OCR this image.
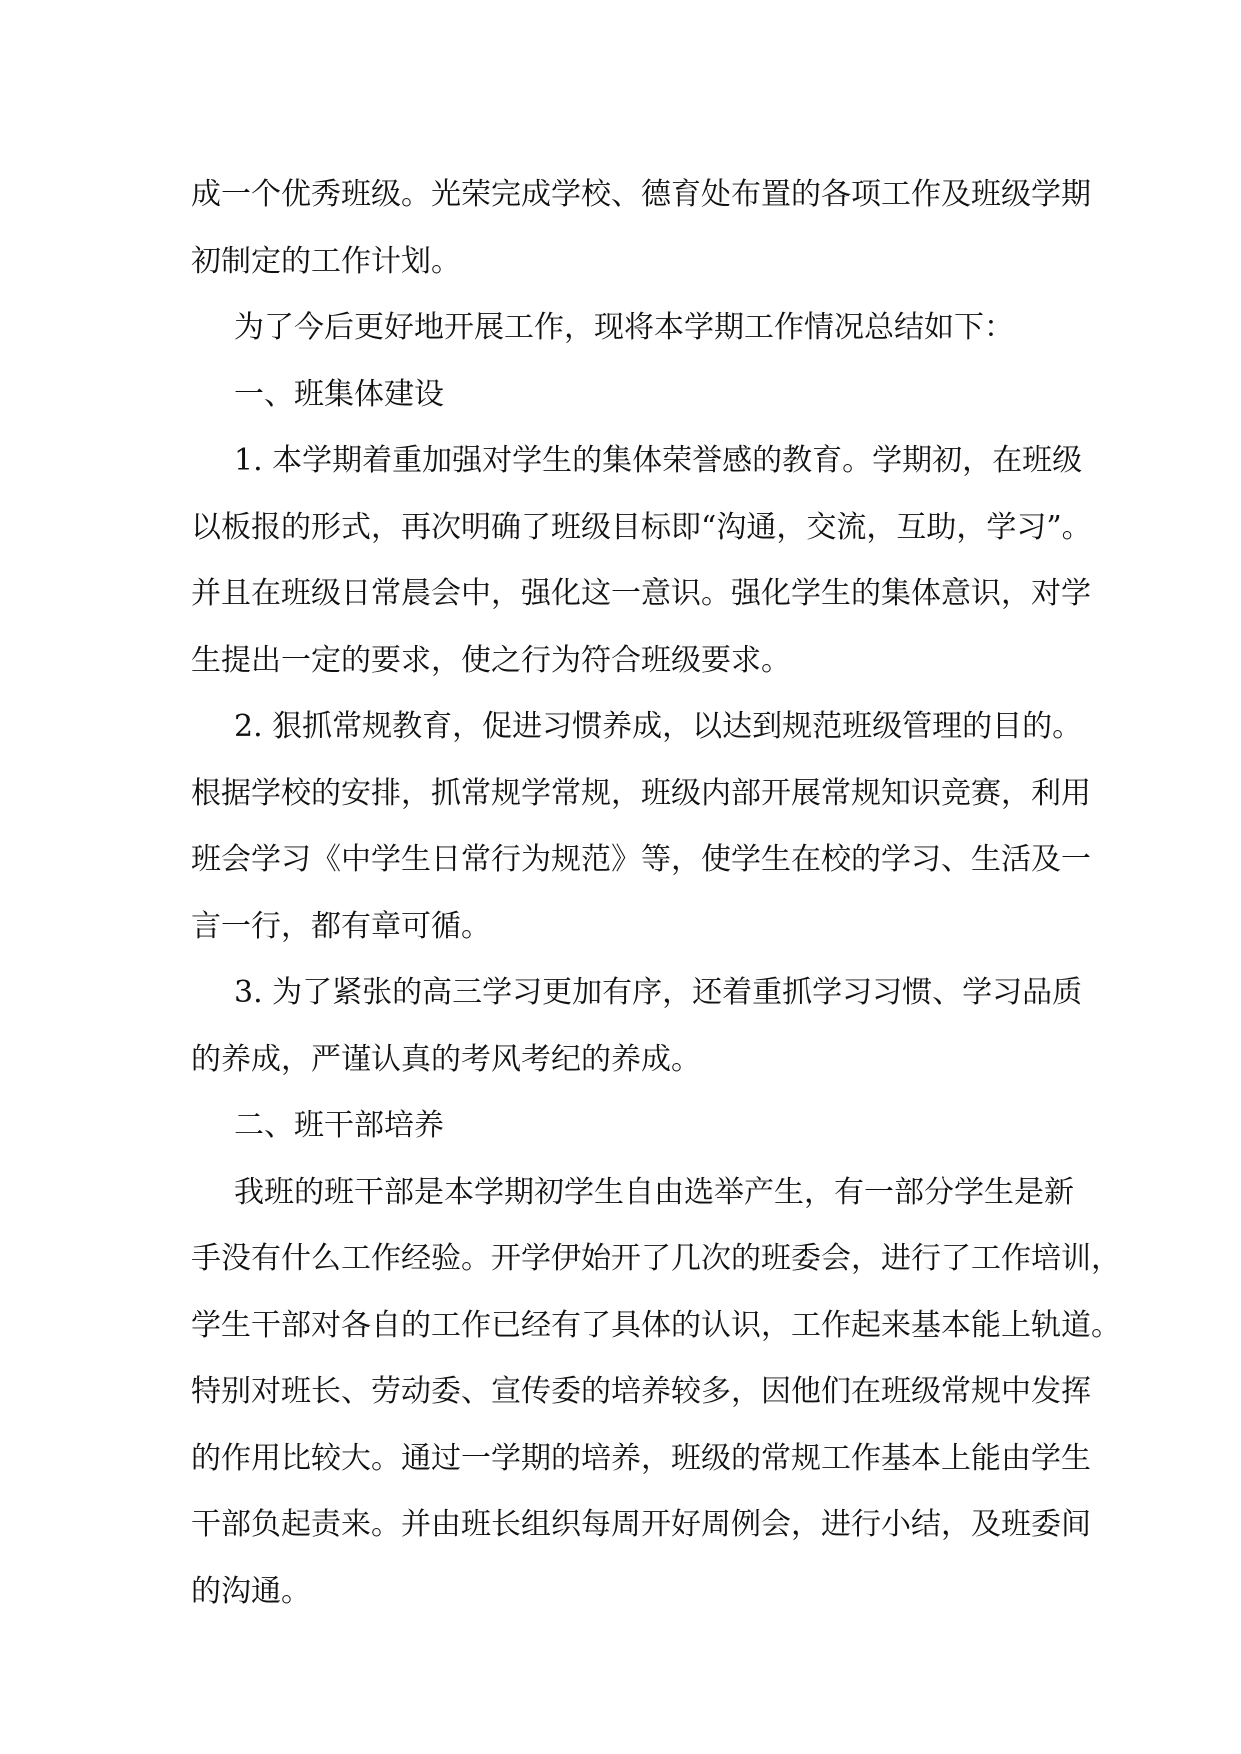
成一个优秀班级。光荣完成学校、德育处布置的各项工作及班级学期

初制定的工作计划。

为了今后更好地开展工作，现将本学期工作情况总结如下：

一、班集体建设

1. 本学期着重加强对学生的集体荣誉感的教育。学期初，在班级

以板报的形式，再次明确了班级目标即“沟通，交流，互助，学习”。

并且在班级日常晨会中，强化这一意识。强化学生的集体意识，对学

生提出一定的要求，使之行为符合班级要求。

2. 狠抓常规教育，促进习惯养成，以达到规范班级管理的目的。

根据学校的安排，抓常规学常规，班级内部开展常规知识竞赛，利用

班会学习《中学生日常行为规范》等，使学生在校的学习、生活及一

言一行，都有章可循。

3. 为了紧张的高三学习更加有序，还着重抓学习习惯、学习品质

的养成，严谨认真的考风考纪的养成。

二、班干部培养

我班的班干部是本学期初学生自由选举产生，有一部分学生是新

手没有什么工作经验。开学伊始开了几次的班委会，进行了工作培训，

学生干部对各自的工作已经有了具体的认识，工作起来基本能上轨道。

特别对班长、劳动委、宣传委的培养较多，因他们在班级常规中发挥

的作用比较大。通过一学期的培养，班级的常规工作基本上能由学生

干部负起责来。并由班长组织每周开好周例会，进行小结，及班委间

的沟通。
